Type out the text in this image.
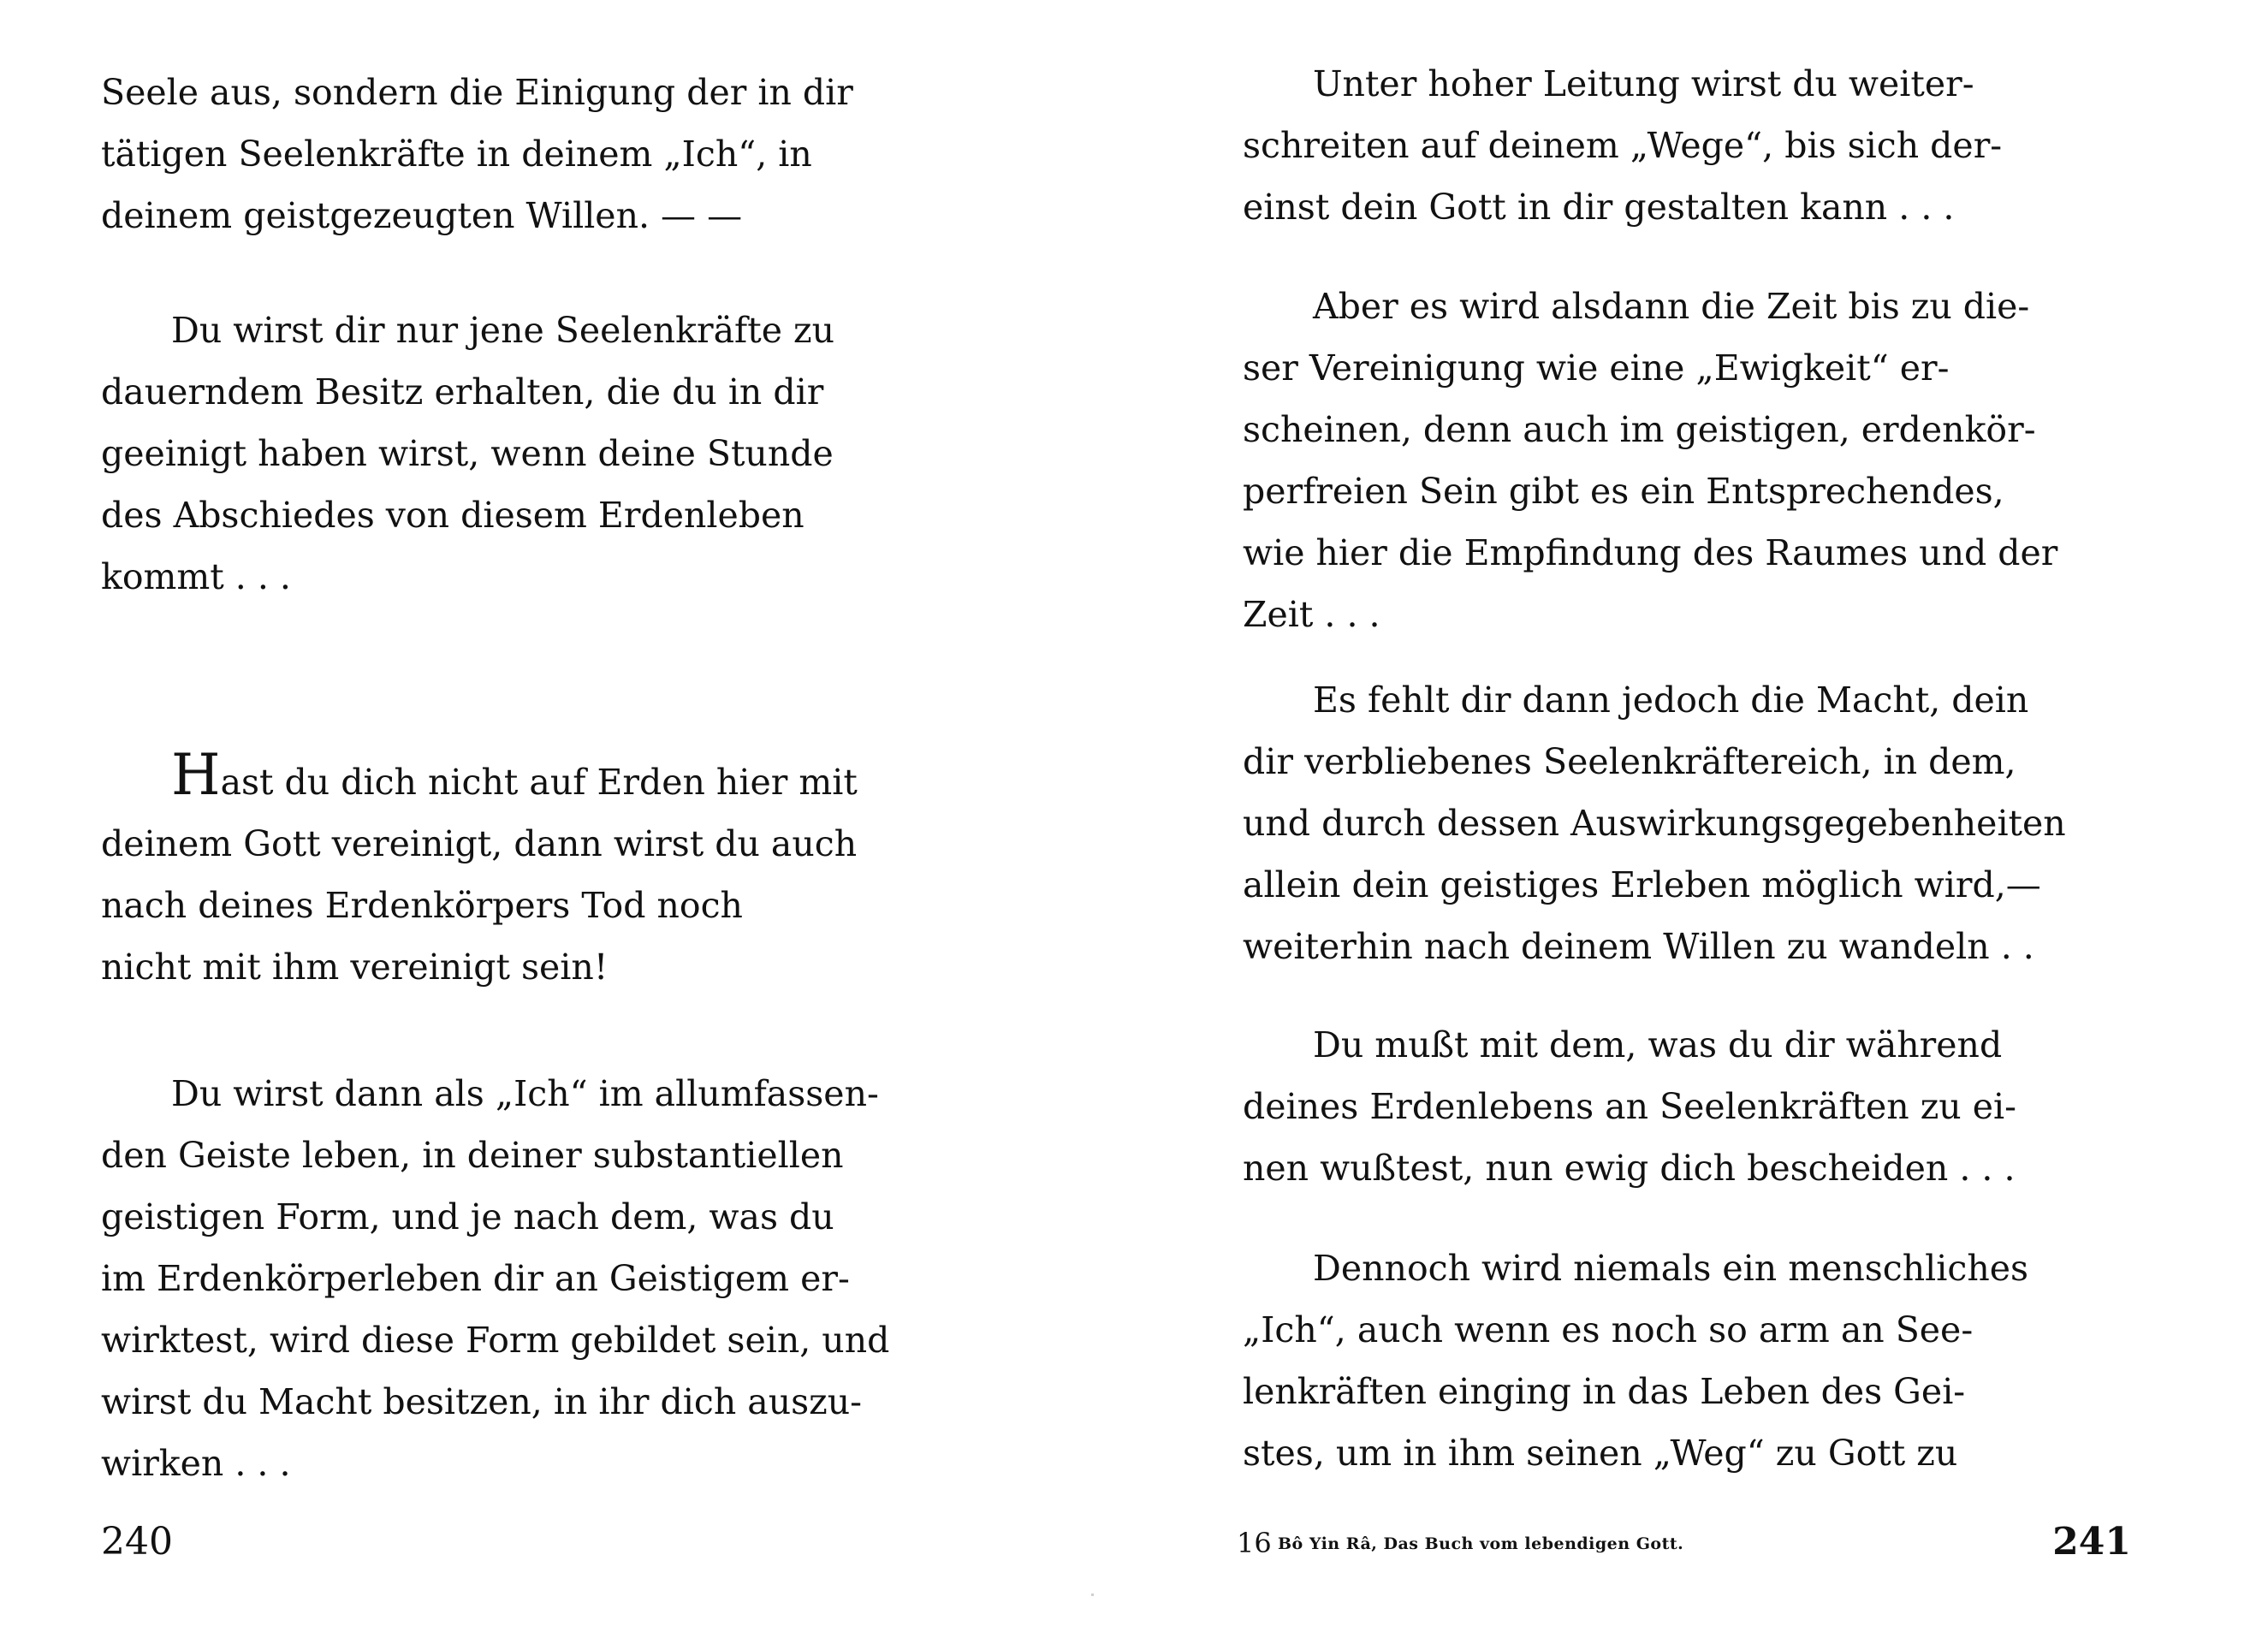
Seele aus, sondern die Einigung der in dir
tätigen Seelenkräfte in deinem „Ich“, in
deinem geistgezeugten Willen. — —

Du wirst dir nur jene Seelenkräfte zu
dauerndem Besitz erhalten, die du in dir
geeinigt haben wirst, wenn deine Stunde
des Abschiedes von diesem Erdenleben
kommt . . .

Hast du dich nicht auf Erden hier mit
deinem Gott vereinigt, dann wirst du auch
nach deines Erdenkörpers Tod noch
nicht mit ihm vereinigt sein!

Du wirst dann als „Ich“ im allumfassen-
den Geiste leben, in deiner substantiellen
geistigen Form, und je nach dem, was du
im Erdenkörperleben dir an Geistigem er-
wirktest, wird diese Form gebildet sein, und
wirst du Macht besitzen, in ihr dich auszu-
wirken . . .

240

Unter hoher Leitung wirst du weiter-
schreiten auf deinem „Wege“, bis sich der-
einst dein Gott in dir gestalten kann . . .

Aber es wird alsdann die Zeit bis zu die-
ser Vereinigung wie eine „Ewigkeit“ er-
scheinen, denn auch im geistigen, erdenkör-
perfreien Sein gibt es ein Entsprechendes,
wie hier die Empfindung des Raumes und der
Zeit . . .

Es fehlt dir dann jedoch die Macht, dein
dir verbliebenes Seelenkräftereich, in dem,
und durch dessen Auswirkungsgegebenheiten
allein dein geistiges Erleben möglich wird,—
weiterhin nach deinem Willen zu wandeln . .

Du mußt mit dem, was du dir während
deines Erdenlebens an Seelenkräften zu ei-
nen wußtest, nun ewig dich bescheiden . . .

Dennoch wird niemals ein menschliches
„Ich“, auch wenn es noch so arm an See-
lenkräften einging in das Leben des Gei-
stes, um in ihm seinen „Weg“ zu Gott zu

16 Bô Yin Râ, Das Buch vom lebendigen Gott.	241
